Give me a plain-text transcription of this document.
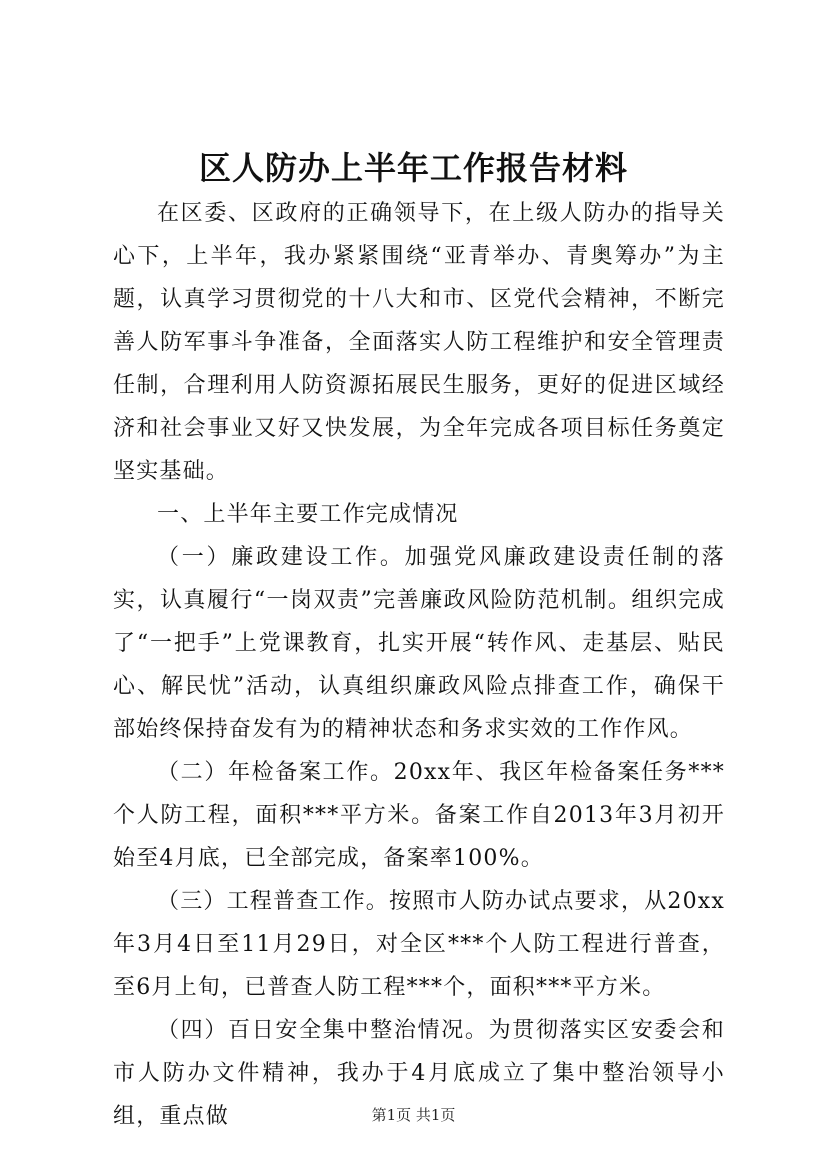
区人防办上半年工作报告材料

在区委、区政府的正确领导下，在上级人防办的指导关心下，上半年，我办紧紧围绕“亚青举办、青奥筹办”为主题，认真学习贯彻党的十八大和市、区党代会精神，不断完善人防军事斗争准备，全面落实人防工程维护和安全管理责任制，合理利用人防资源拓展民生服务，更好的促进区域经济和社会事业又好又快发展，为全年完成各项目标任务奠定坚实基础。

一、上半年主要工作完成情况

（一）廉政建设工作。加强党风廉政建设责任制的落实，认真履行“一岗双责”完善廉政风险防范机制。组织完成了“一把手”上党课教育，扎实开展“转作风、走基层、贴民心、解民忧”活动，认真组织廉政风险点排查工作，确保干部始终保持奋发有为的精神状态和务求实效的工作作风。

（二）年检备案工作。20xx年、我区年检备案任务***个人防工程，面积***平方米。备案工作自2013年3月初开始至4月底，已全部完成，备案率100%。

（三）工程普查工作。按照市人防办试点要求，从20xx年3月4日至11月29日，对全区***个人防工程进行普查，至6月上旬，已普查人防工程***个，面积***平方米。

（四）百日安全集中整治情况。为贯彻落实区安委会和市人防办文件精神，我办于4月底成立了集中整治领导小组，重点做	第1页 共1页
